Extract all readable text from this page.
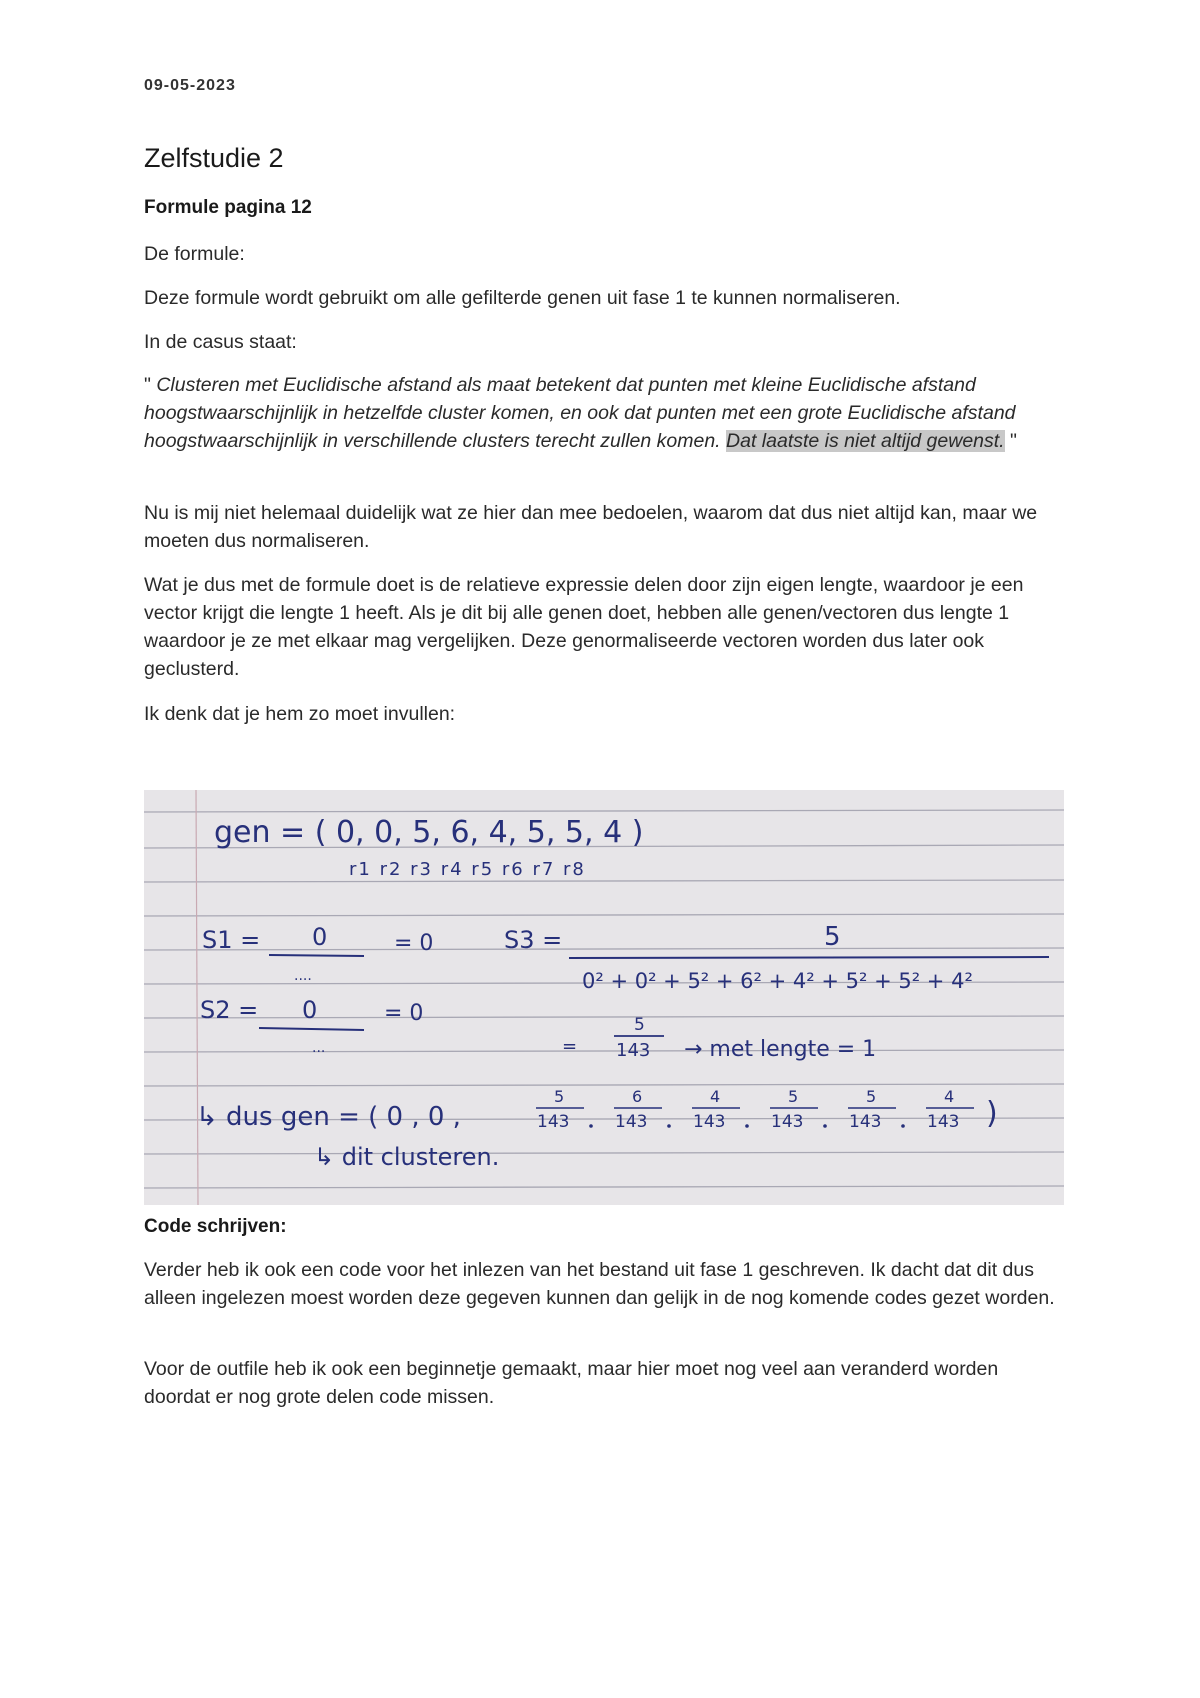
09-05-2023
Zelfstudie 2
Formule pagina 12

De formule:

Deze formule wordt gebruikt om alle gefilterde genen uit fase 1 te kunnen normaliseren.

In de casus staat:

" Clusteren met Euclidische afstand als maat betekent dat punten met kleine Euclidische afstand hoogstwaarschijnlijk in hetzelfde cluster komen, en ook dat punten met een grote Euclidische afstand hoogstwaarschijnlijk in verschillende clusters terecht zullen komen. Dat laatste is niet altijd gewenst. "

Nu is mij niet helemaal duidelijk wat ze hier dan mee bedoelen, waarom dat dus niet altijd kan, maar we moeten dus normaliseren.

Wat je dus met de formule doet is de relatieve expressie delen door zijn eigen lengte, waardoor je een vector krijgt die lengte 1 heeft. Als je dit bij alle genen doet, hebben alle genen/vectoren dus lengte 1 waardoor je ze met elkaar mag vergelijken. Deze genormaliseerde vectoren worden dus later ook geclusterd.

Ik denk dat je hem zo moet invullen:

gen = ( 0, 0, 5, 6, 4, 5, 5, 4 )
r1 r2 r3 r4 r5 r6 r7 r8
S1 = 0
....
= 0	S3 =	5
0² + 0² + 5² + 6² + 4² + 5² + 5² + 4²
S2 = 0
...
= 0
=
5
143 → met lengte = 1
↳ dus gen = ( 0 , 0 ,
5
143
6
143
4
143
5
143
5
143
4
143 )
↳ dit clusteren.
Code schrijven:

Verder heb ik ook een code voor het inlezen van het bestand uit fase 1 geschreven. Ik dacht dat dit dus alleen ingelezen moest worden deze gegeven kunnen dan gelijk in de nog komende codes gezet worden.

Voor de outfile heb ik ook een beginnetje gemaakt, maar hier moet nog veel aan veranderd worden doordat er nog grote delen code missen.
